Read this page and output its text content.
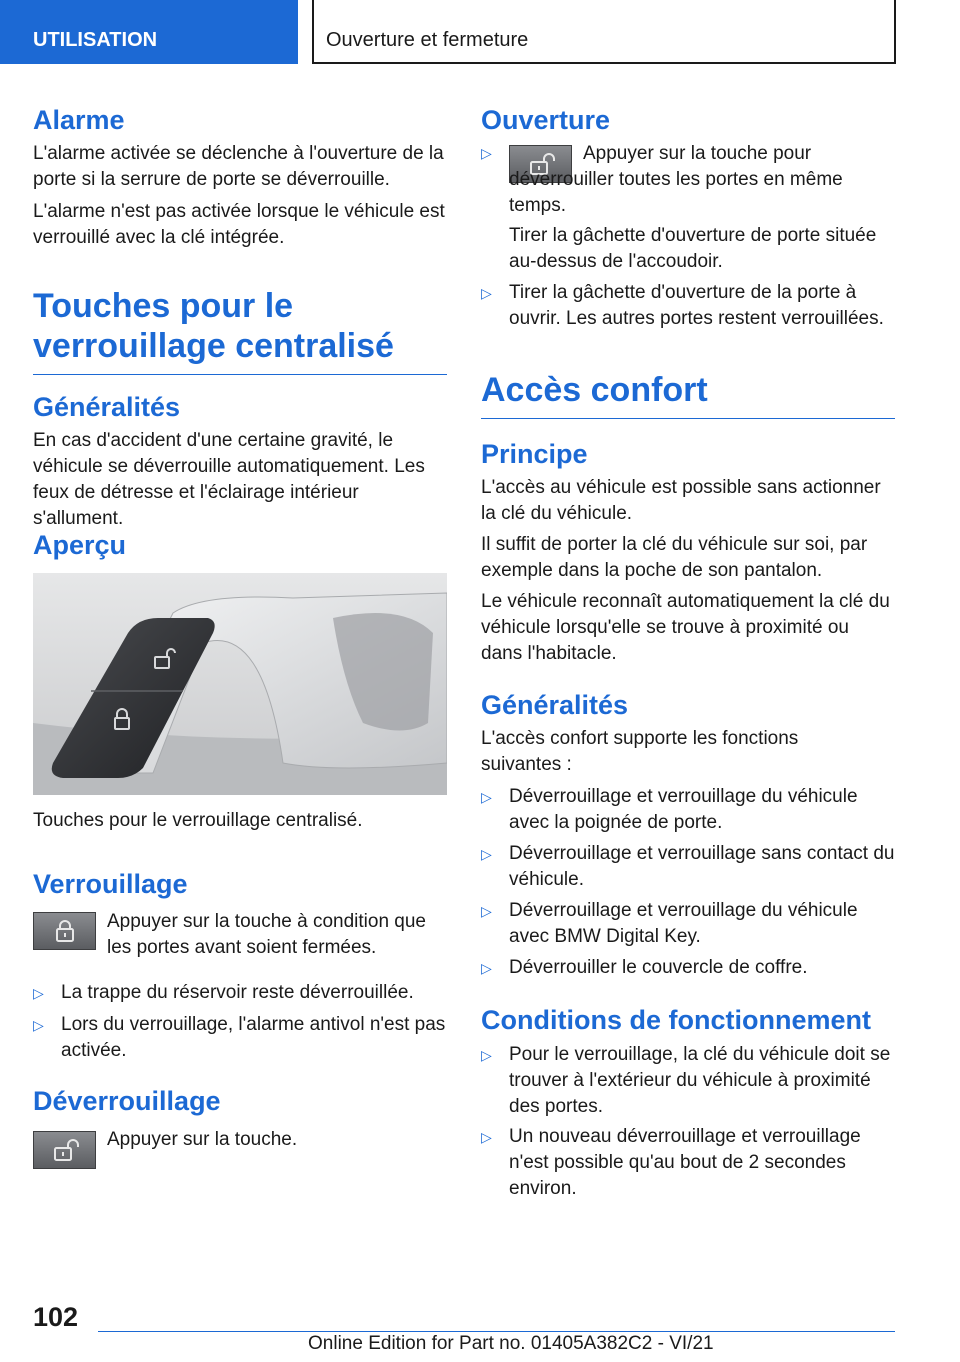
UTILISATION	Ouverture et fermeture
Alarme

L'alarme activée se déclenche à l'ouverture de la porte si la serrure de porte se déverrouille.

L'alarme n'est pas activée lorsque le véhicule est verrouillé avec la clé intégrée.

Touches pour le verrouillage centralisé
Généralités

En cas d'accident d'une certaine gravité, le véhicule se déverrouille automatiquement. Les feux de détresse et l'éclairage intérieur s'allument.

Aperçu

Touches pour le verrouillage centralisé.

Verrouillage

Appuyer sur la touche à condition que les portes avant soient fermées.

▷ La trappe du réservoir reste déverrouillée.
▷ Lors du verrouillage, l'alarme antivol n'est pas activée.
Déverrouillage

Appuyer sur la touche.

Ouverture
▷	Appuyer sur la touche pour déverrouiller toutes les portes en même temps.

Tirer la gâchette d'ouverture de porte située au-dessus de l'accoudoir.

▷ Tirer la gâchette d'ouverture de la porte à ouvrir. Les autres portes restent verrouillées.
Accès confort
Principe

L'accès au véhicule est possible sans actionner la clé du véhicule.

Il suffit de porter la clé du véhicule sur soi, par exemple dans la poche de son pantalon.

Le véhicule reconnaît automatiquement la clé du véhicule lorsqu'elle se trouve à proximité ou dans l'habitacle.

Généralités

L'accès confort supporte les fonctions suivantes :

▷ Déverrouillage et verrouillage du véhicule avec la poignée de porte.
▷ Déverrouillage et verrouillage sans contact du véhicule.
▷ Déverrouillage et verrouillage du véhicule avec BMW Digital Key.
▷ Déverrouiller le couvercle de coffre.
Conditions de fonctionnement
▷ Pour le verrouillage, la clé du véhicule doit se trouver à l'extérieur du véhicule à proximité des portes.
▷ Un nouveau déverrouillage et verrouillage n'est possible qu'au bout de 2 secondes environ.
102
Online Edition for Part no. 01405A382C2 - VI/21
